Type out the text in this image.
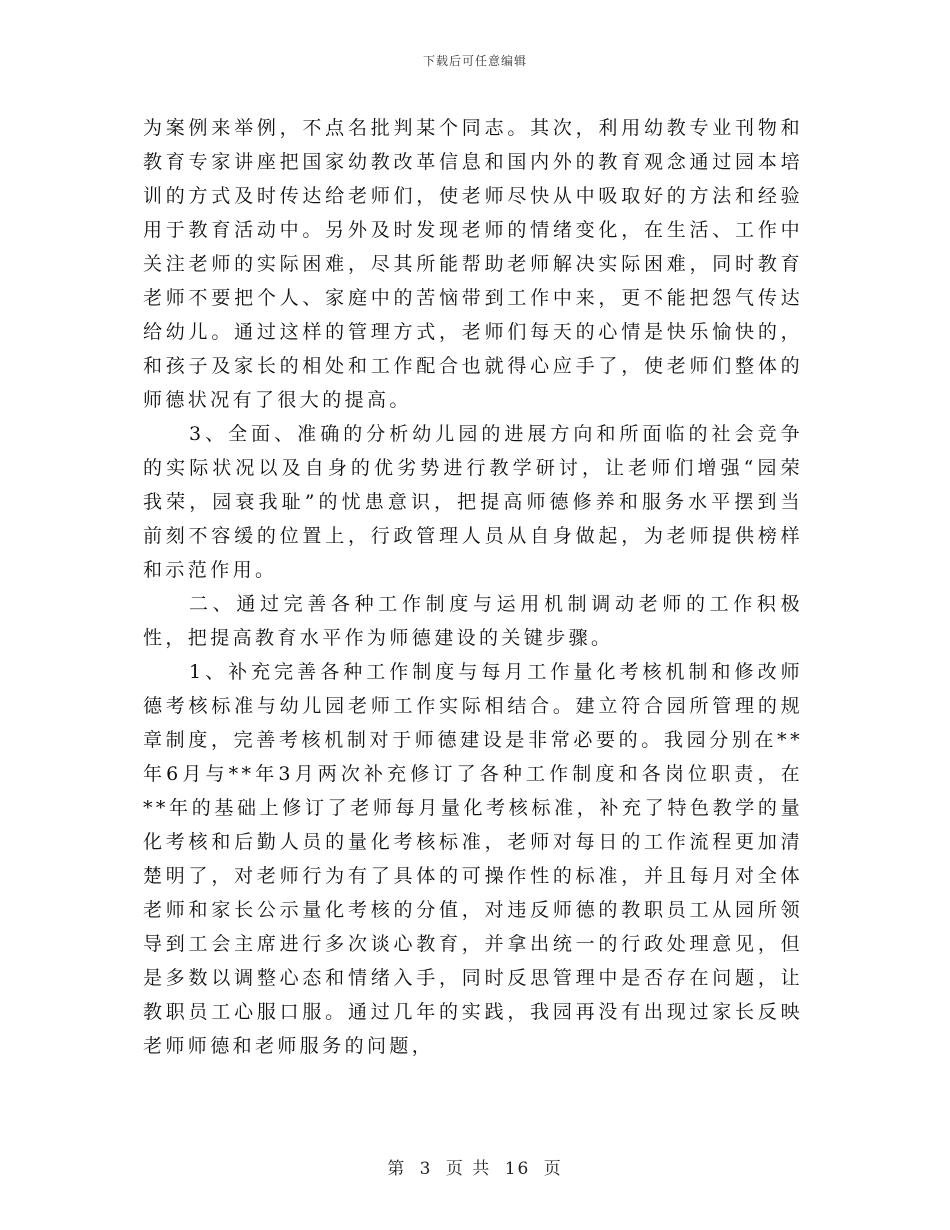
下载后可任意编辑

为案例来举例，不点名批判某个同志。其次，利用幼教专业刊物和教育专家讲座把国家幼教改革信息和国内外的教育观念通过园本培训的方式及时传达给老师们，使老师尽快从中吸取好的方法和经验用于教育活动中。另外及时发现老师的情绪变化，在生活、工作中关注老师的实际困难，尽其所能帮助老师解决实际困难，同时教育老师不要把个人、家庭中的苦恼带到工作中来，更不能把怨气传达给幼儿。通过这样的管理方式，老师们每天的心情是快乐愉快的，和孩子及家长的相处和工作配合也就得心应手了，使老师们整体的师德状况有了很大的提高。

3、全面、准确的分析幼儿园的进展方向和所面临的社会竞争的实际状况以及自身的优劣势进行教学研讨，让老师们增强“园荣我荣，园衰我耻”的忧患意识，把提高师德修养和服务水平摆到当前刻不容缓的位置上，行政管理人员从自身做起，为老师提供榜样和示范作用。

二、通过完善各种工作制度与运用机制调动老师的工作积极性，把提高教育水平作为师德建设的关键步骤。

1、补充完善各种工作制度与每月工作量化考核机制和修改师德考核标准与幼儿园老师工作实际相结合。建立符合园所管理的规章制度，完善考核机制对于师德建设是非常必要的。我园分别在**年6月与**年3月两次补充修订了各种工作制度和各岗位职责，在**年的基础上修订了老师每月量化考核标准，补充了特色教学的量化考核和后勤人员的量化考核标准，老师对每日的工作流程更加清楚明了，对老师行为有了具体的可操作性的标准，并且每月对全体老师和家长公示量化考核的分值，对违反师德的教职员工从园所领导到工会主席进行多次谈心教育，并拿出统一的行政处理意见，但是多数以调整心态和情绪入手，同时反思管理中是否存在问题，让教职员工心服口服。通过几年的实践，我园再没有出现过家长反映老师师德和老师服务的问题，

第 3 页 共 16 页
